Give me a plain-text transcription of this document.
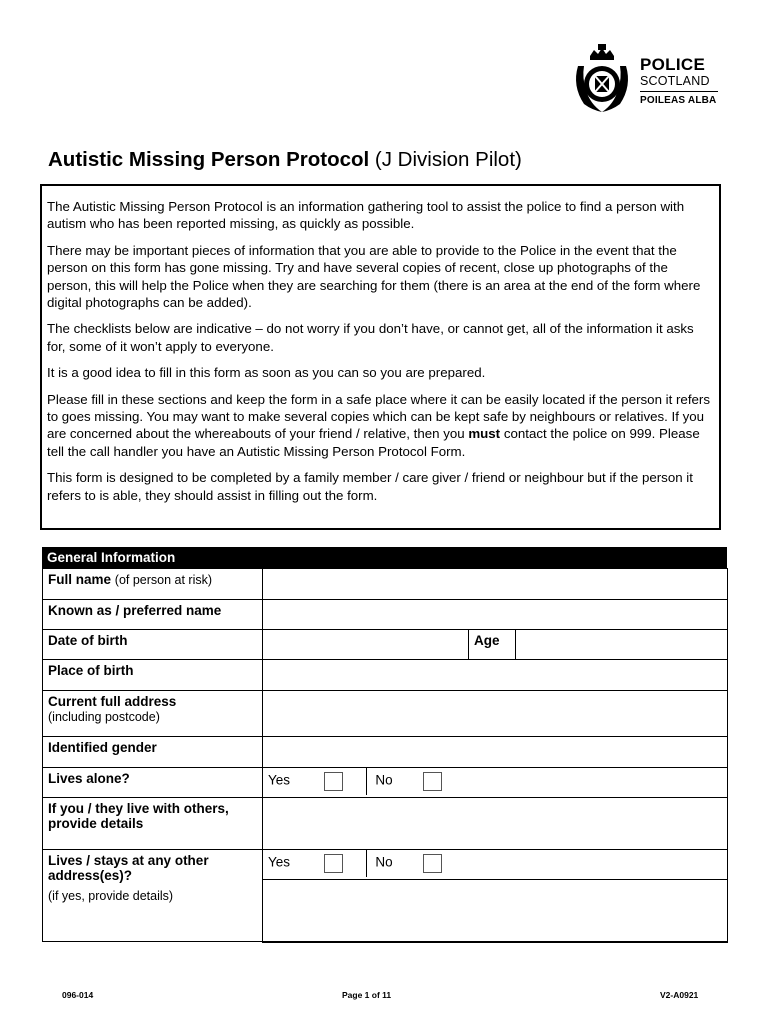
POLICE
SCOTLAND
POILEAS ALBA
Autistic Missing Person Protocol (J Division Pilot)

The Autistic Missing Person Protocol is an information gathering tool to assist the police to find a person with autism who has been reported missing, as quickly as possible.

There may be important pieces of information that you are able to provide to the Police in the event that the person on this form has gone missing. Try and have several copies of recent, close up photographs of the person, this will help the Police when they are searching for them (there is an area at the end of the form where digital photographs can be added).

The checklists below are indicative – do not worry if you don’t have, or cannot get, all of the information it asks for, some of it won’t apply to everyone.

It is a good idea to fill in this form as soon as you can so you are prepared.

Please fill in these sections and keep the form in a safe place where it can be easily located if the person it refers to goes missing. You may want to make several copies which can be kept safe by neighbours or relatives. If you are concerned about the whereabouts of your friend / relative, then you must contact the police on 999. Please tell the call handler you have an Autistic Missing Person Protocol Form.

This form is designed to be completed by a family member / care giver / friend or neighbour but if the person it refers to is able, they should assist in filling out the form.

General Information
Full name (of person at risk)			
Known as / preferred name			
Date of birth		Age	
Place of birth			
Current full address
(including postcode)			
Identified gender			
Lives alone?	Yes No		
If you / they live with others, provide details			
Lives / stays at any other address(es)?
(if yes, provide details)	Yes No		

096-014	Page 1 of 11	V2-A0921
